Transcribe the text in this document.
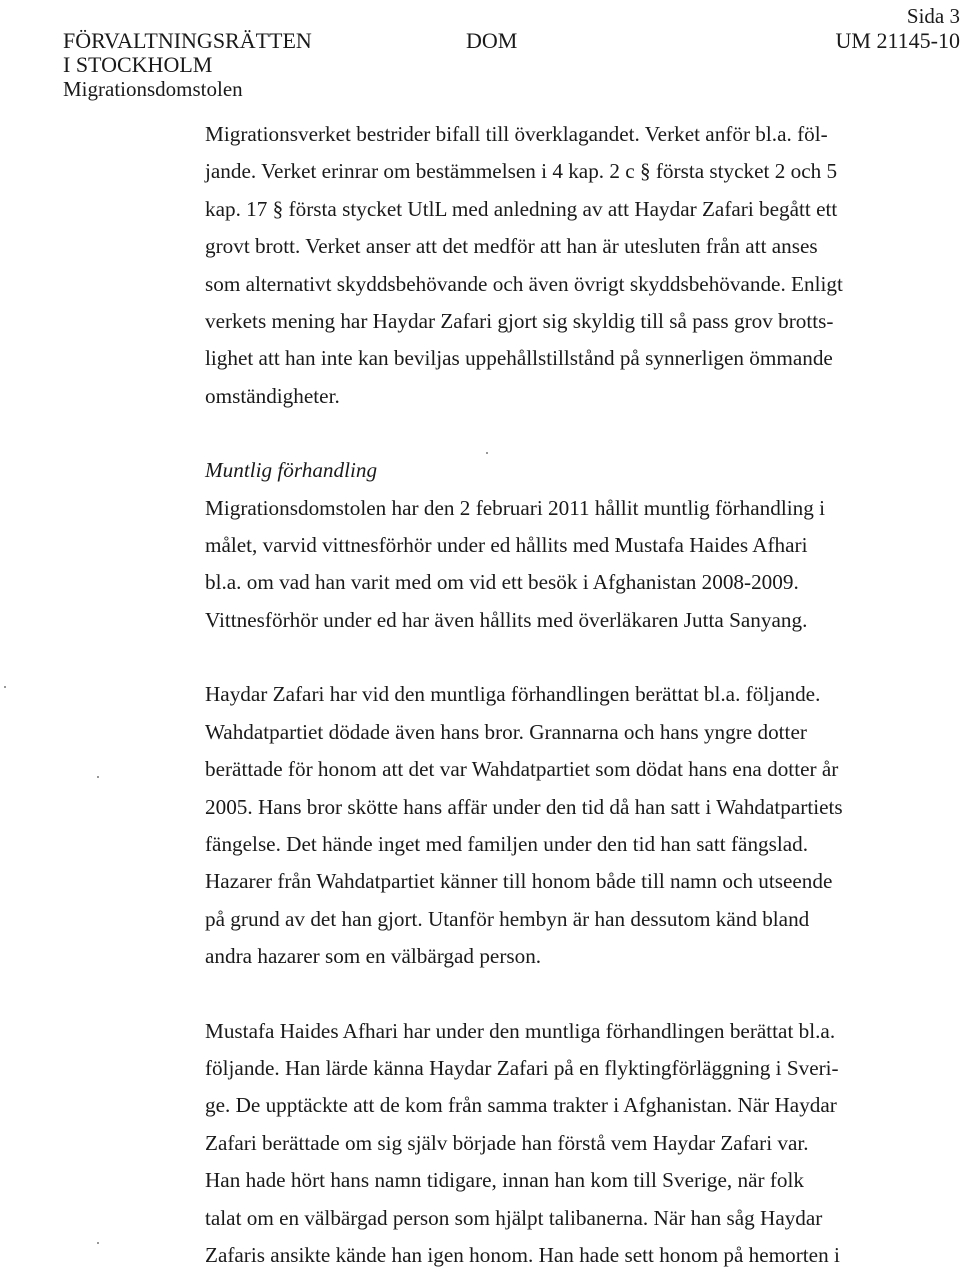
FÖRVALTNINGSRÄTTEN
I STOCKHOLM
Migrationsdomstolen
DOM
Sida 3
UM 21145-10

Migrationsverket bestrider bifall till överklagandet. Verket anför bl.a. föl-
jande. Verket erinrar om bestämmelsen i 4 kap. 2 c § första stycket 2 och 5
kap. 17 § första stycket UtlL med anledning av att Haydar Zafari begått ett
grovt brott. Verket anser att det medför att han är utesluten från att anses
som alternativt skyddsbehövande och även övrigt skyddsbehövande. Enligt
verkets mening har Haydar Zafari gjort sig skyldig till så pass grov brotts-
lighet att han inte kan beviljas uppehållstillstånd på synnerligen ömmande
omständigheter.

Muntlig förhandling

Migrationsdomstolen har den 2 februari 2011 hållit muntlig förhandling i
målet, varvid vittnesförhör under ed hållits med Mustafa Haides Afhari
bl.a. om vad han varit med om vid ett besök i Afghanistan 2008-2009.
Vittnesförhör under ed har även hållits med överläkaren Jutta Sanyang.

Haydar Zafari har vid den muntliga förhandlingen berättat bl.a. följande.
Wahdatpartiet dödade även hans bror. Grannarna och hans yngre dotter
berättade för honom att det var Wahdatpartiet som dödat hans ena dotter år
2005. Hans bror skötte hans affär under den tid då han satt i Wahdatpartiets
fängelse. Det hände inget med familjen under den tid han satt fängslad.
Hazarer från Wahdatpartiet känner till honom både till namn och utseende
på grund av det han gjort. Utanför hembyn är han dessutom känd bland
andra hazarer som en välbärgad person.

Mustafa Haides Afhari har under den muntliga förhandlingen berättat bl.a.
följande. Han lärde känna Haydar Zafari på en flyktingförläggning i Sveri-
ge. De upptäckte att de kom från samma trakter i Afghanistan. När Haydar
Zafari berättade om sig själv började han förstå vem Haydar Zafari var.
Han hade hört hans namn tidigare, innan han kom till Sverige, när folk
talat om en välbärgad person som hjälpt talibanerna. När han såg Haydar
Zafaris ansikte kände han igen honom. Han hade sett honom på hemorten i
